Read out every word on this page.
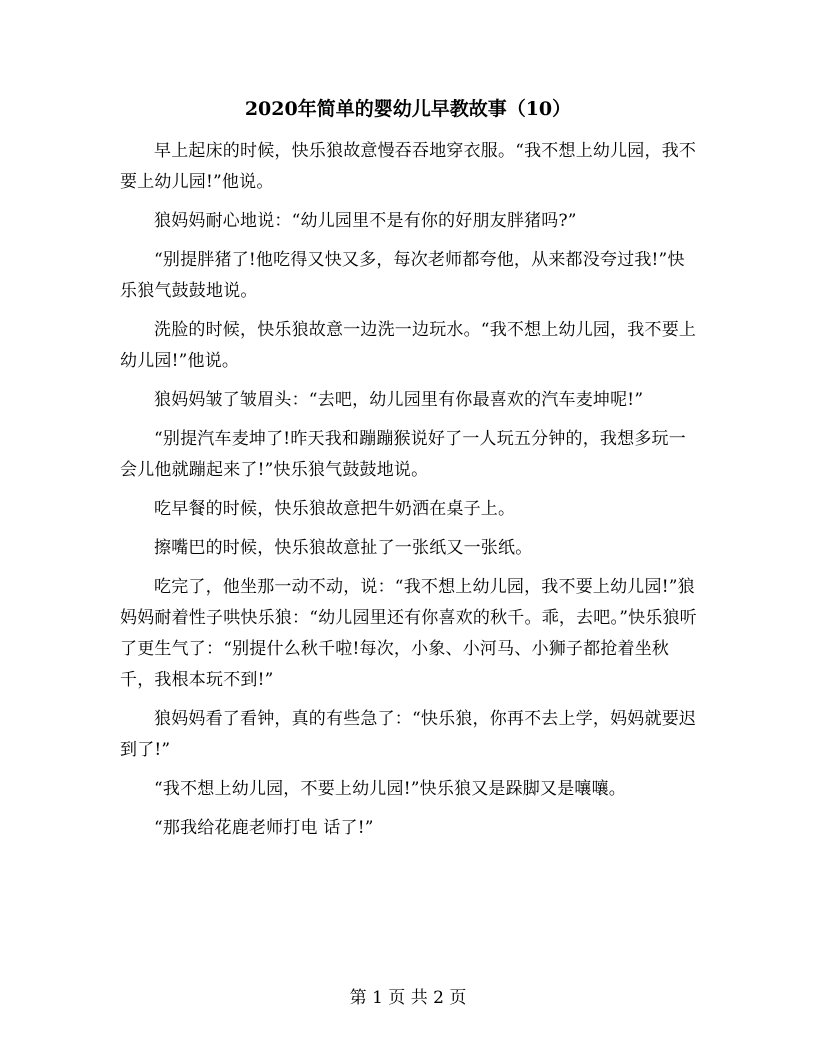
2020年简单的婴幼儿早教故事（10）

早上起床的时候，快乐狼故意慢吞吞地穿衣服。“我不想上幼儿园，我不要上幼儿园!”他说。

狼妈妈耐心地说：“幼儿园里不是有你的好朋友胖猪吗?”

“别提胖猪了!他吃得又快又多，每次老师都夸他，从来都没夸过我!”快乐狼气鼓鼓地说。

洗脸的时候，快乐狼故意一边洗一边玩水。“我不想上幼儿园，我不要上幼儿园!”他说。

狼妈妈皱了皱眉头：“去吧，幼儿园里有你最喜欢的汽车麦坤呢!”

“别提汽车麦坤了!昨天我和蹦蹦猴说好了一人玩五分钟的，我想多玩一会儿他就蹦起来了!”快乐狼气鼓鼓地说。

吃早餐的时候，快乐狼故意把牛奶洒在桌子上。

擦嘴巴的时候，快乐狼故意扯了一张纸又一张纸。

吃完了，他坐那一动不动，说：“我不想上幼儿园，我不要上幼儿园!”狼妈妈耐着性子哄快乐狼：“幼儿园里还有你喜欢的秋千。乖，去吧。”快乐狼听了更生气了：“别提什么秋千啦!每次，小象、小河马、小狮子都抢着坐秋千，我根本玩不到!”

狼妈妈看了看钟，真的有些急了：“快乐狼，你再不去上学，妈妈就要迟到了!”

“我不想上幼儿园，不要上幼儿园!”快乐狼又是跺脚又是嚷嚷。

“那我给花鹿老师打电 话了!”

第 1 页 共 2 页
